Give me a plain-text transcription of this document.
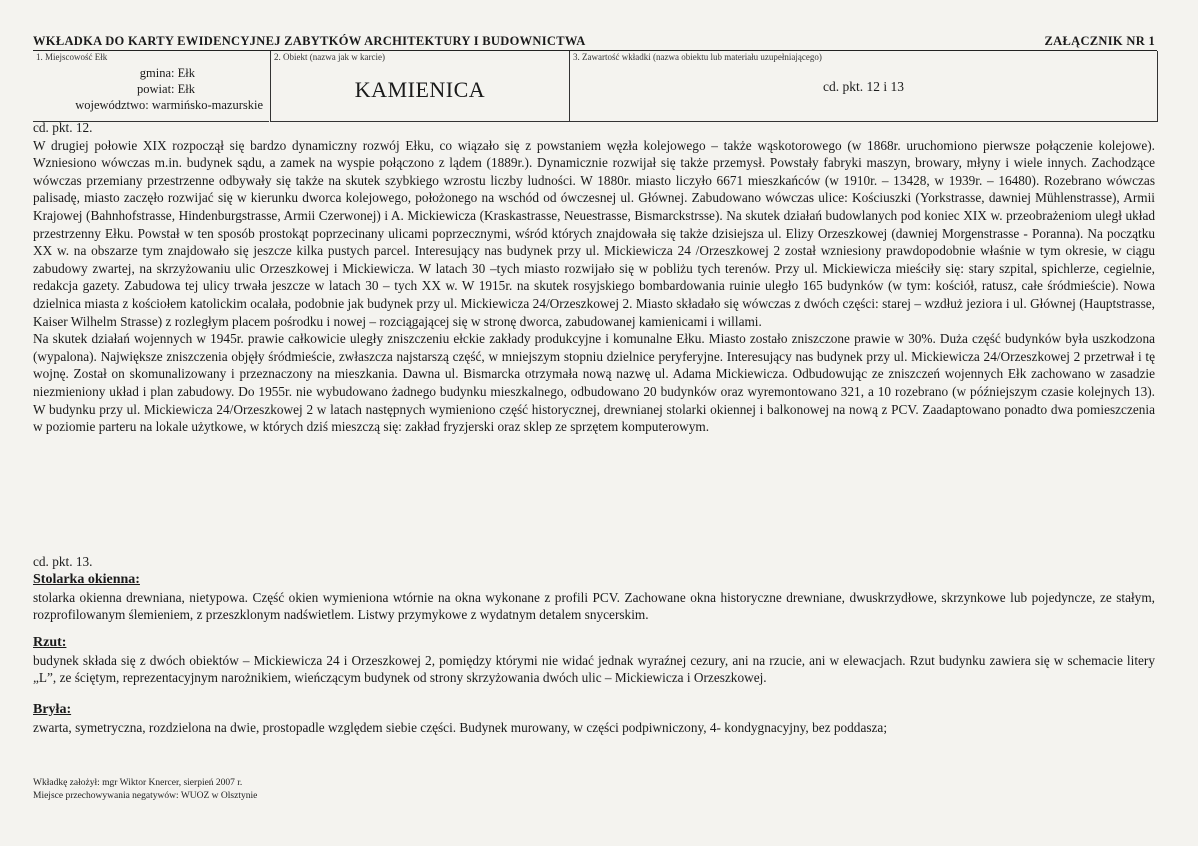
WKŁADKA DO KARTY EWIDENCYJNEJ ZABYTKÓW ARCHITEKTURY I BUDOWNICTWA	ZAŁĄCZNIK NR 1
1. Miejscowość Ełk
gmina: Ełk
powiat: Ełk
województwo: warmińsko-mazurskie
2. Obiekt (nazwa jak w karcie)
KAMIENICA
3. Zawartość wkładki (nazwa obiektu lub materiału uzupełniającego)
cd. pkt. 12 i 13

cd. pkt. 12.

W drugiej połowie XIX rozpoczął się bardzo dynamiczny rozwój Ełku, co wiązało się z powstaniem węzła kolejowego – także wąskotorowego (w 1868r. uruchomiono pierwsze połączenie kolejowe). Wzniesiono wówczas m.in. budynek sądu, a zamek na wyspie połączono z lądem (1889r.). Dynamicznie rozwijał się także przemysł. Powstały fabryki maszyn, browary, młyny i wiele innych. Zachodzące wówczas przemiany przestrzenne odbywały się także na skutek szybkiego wzrostu liczby ludności. W 1880r. miasto liczyło 6671 mieszkańców (w 1910r. – 13428, w 1939r. – 16480). Rozebrano wówczas palisadę, miasto zaczęło rozwijać się w kierunku dworca kolejowego, położonego na wschód od ówczesnej ul. Głównej. Zabudowano wówczas ulice: Kościuszki (Yorkstrasse, dawniej Mühlenstrasse), Armii Krajowej (Bahnhofstrasse, Hindenburgstrasse, Armii Czerwonej) i A. Mickiewicza (Kraskastrasse, Neuestrasse, Bismarckstrsse). Na skutek działań budowlanych pod koniec XIX w. przeobrażeniom uległ układ przestrzenny Ełku. Powstał w ten sposób prostokąt poprzecinany ulicami poprzecznymi, wśród których znajdowała się także dzisiejsza ul. Elizy Orzeszkowej (dawniej Morgenstrasse - Poranna). Na początku XX w. na obszarze tym znajdowało się jeszcze kilka pustych parcel. Interesujący nas budynek przy ul. Mickiewicza 24 /Orzeszkowej 2 został wzniesiony prawdopodobnie właśnie w tym okresie, w ciągu zabudowy zwartej, na skrzyżowaniu ulic Orzeszkowej i Mickiewicza. W latach 30 –tych miasto rozwijało się w pobliżu tych terenów. Przy ul. Mickiewicza mieściły się: stary szpital, spichlerze, cegielnie, redakcja gazety. Zabudowa tej ulicy trwała jeszcze w latach 30 – tych XX w. W 1915r. na skutek rosyjskiego bombardowania ruinie uległo 165 budynków (w tym: kościół, ratusz, całe śródmieście). Nowa dzielnica miasta z kościołem katolickim ocalała, podobnie jak budynek przy ul. Mickiewicza 24/Orzeszkowej 2. Miasto składało się wówczas z dwóch części: starej – wzdłuż jeziora i ul. Głównej (Hauptstrasse, Kaiser Wilhelm Strasse) z rozległym placem pośrodku i nowej – rozciągającej się w stronę dworca, zabudowanej kamienicami i willami.

Na skutek działań wojennych w 1945r. prawie całkowicie uległy zniszczeniu ełckie zakłady produkcyjne i komunalne Ełku. Miasto zostało zniszczone prawie w 30%. Duża część budynków była uszkodzona (wypalona). Największe zniszczenia objęły śródmieście, zwłaszcza najstarszą część, w mniejszym stopniu dzielnice peryferyjne. Interesujący nas budynek przy ul. Mickiewicza 24/Orzeszkowej 2 przetrwał i tę wojnę. Został on skomunalizowany i przeznaczony na mieszkania. Dawna ul. Bismarcka otrzymała nową nazwę ul. Adama Mickiewicza. Odbudowując ze zniszczeń wojennych Ełk zachowano w zasadzie niezmieniony układ i plan zabudowy. Do 1955r. nie wybudowano żadnego budynku mieszkalnego, odbudowano 20 budynków oraz wyremontowano 321, a 10 rozebrano (w późniejszym czasie kolejnych 13). W budynku przy ul. Mickiewicza 24/Orzeszkowej 2 w latach następnych wymieniono część historycznej, drewnianej stolarki okiennej i balkonowej na nową z PCV. Zaadaptowano ponadto dwa pomieszczenia w poziomie parteru na lokale użytkowe, w których dziś mieszczą się: zakład fryzjerski oraz sklep ze sprzętem komputerowym.

cd. pkt. 13.

Stolarka okienna:

stolarka okienna drewniana, nietypowa. Część okien wymieniona wtórnie na okna wykonane z profili PCV. Zachowane okna historyczne drewniane, dwuskrzydłowe, skrzynkowe lub pojedyncze, ze stałym, rozprofilowanym ślemieniem, z przeszklonym nadświetlem. Listwy przymykowe z wydatnym detalem snycerskim.

Rzut:

budynek składa się z dwóch obiektów – Mickiewicza 24 i Orzeszkowej 2, pomiędzy którymi nie widać jednak wyraźnej cezury, ani na rzucie, ani w elewacjach. Rzut budynku zawiera się w schemacie litery „L”, ze ściętym, reprezentacyjnym narożnikiem, wieńczącym budynek od strony skrzyżowania dwóch ulic – Mickiewicza i Orzeszkowej.

Bryła:

zwarta, symetryczna, rozdzielona na dwie, prostopadle względem siebie części. Budynek murowany, w części podpiwniczony, 4- kondygnacyjny, bez poddasza;

Wkładkę założył: mgr Wiktor Knercer, sierpień 2007 r.
Miejsce przechowywania negatywów: WUOZ w Olsztynie
